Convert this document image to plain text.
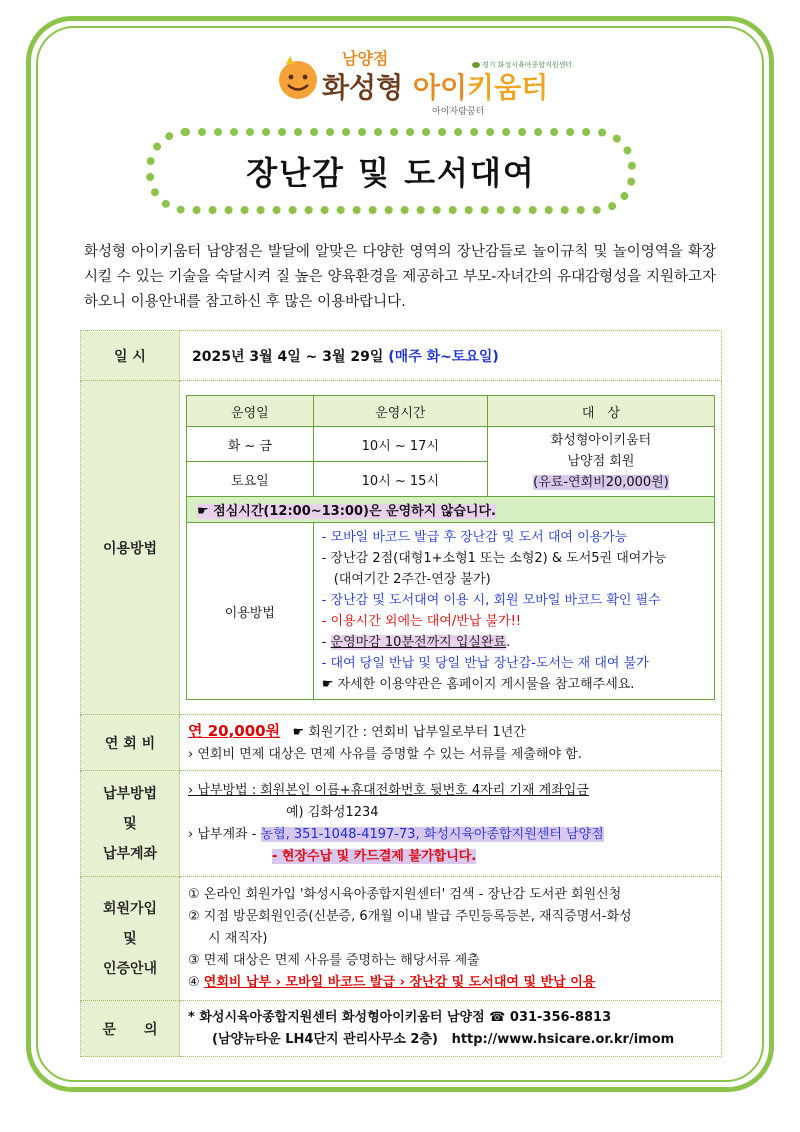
남양점
화성형 아이키움터
아이자람꿈터
경기 화성시육아종합지원센터
장난감 및 도서대여
화성형 아이키움터 남양점은 발달에 알맞은 다양한 영역의 장난감들로 놀이규칙 및 놀이영역을 확장 시킬 수 있는 기술을 숙달시켜 질 높은 양육환경을 제공하고 부모-자녀간의 유대감형성을 지원하고자 하오니 이용안내를 참고하신 후 많은 이용바랍니다.
일 시	2025년 3월 4일 ~ 3월 29일 (매주 화~토요일)

이용방법	
운영일	운영시간	대　상
화 ~ 금	10시 ~ 17시	화성형아이키움터
남양점 회원
(유료-연회비20,000원)

토요일	10시 ~ 15시
☛ 점심시간(12:00~13:00)은 운영하지 않습니다.
이용방법	
- 모바일 바코드 발급 후 장난감 및 도서 대여 이용가능
- 장난감 2점(대형1+소형1 또는 소형2) & 도서5권 대여가능
(대여기간 2주간-연장 불가)
- 장난감 및 도서대여 이용 시, 회원 모바일 바코드 확인 필수
- 이용시간 외에는 대여/반납 불가!!
- 운영마감 10분전까지 입실완료.
- 대여 당일 반납 및 당일 반납 장난감-도서는 재 대여 불가
☛ 자세한 이용약관은 홈페이지 게시물을 참고해주세요.

연 회 비	
연 20,000원 ☛ 회원기간 : 연회비 납부일로부터 1년간
› 연회비 면제 대상은 면제 사유를 증명할 수 있는 서류를 제출해야 함.

납부방법
및
납부계좌

› 납부방법 : 회원본인 이름+휴대전화번호 뒷번호 4자리 기재 계좌입금
예) 김화성1234
› 납부계좌 - 농협, 351-1048-4197-73, 화성시육아종합지원센터 남양점
- 현장수납 및 카드결제 불가합니다.

회원가입
및
인증안내

① 온라인 회원가입 '화성시육아종합지원센터' 검색 - 장난감 도서관 회원신청
② 지점 방문회원인증(신분증, 6개월 이내 발급 주민등록등본, 재직증명서-화성
시 재직자)
③ 면제 대상은 면제 사유를 증명하는 해당서류 제출
④ 연회비 납부 › 모바일 바코드 발급 › 장난감 및 도서대여 및 반납 이용

문　　의	
* 화성시육아종합지원센터 화성형아이키움터 남양점 ☎ 031-356-8813
(남양뉴타운 LH4단지 관리사무소 2층) http://www.hsicare.or.kr/imom
